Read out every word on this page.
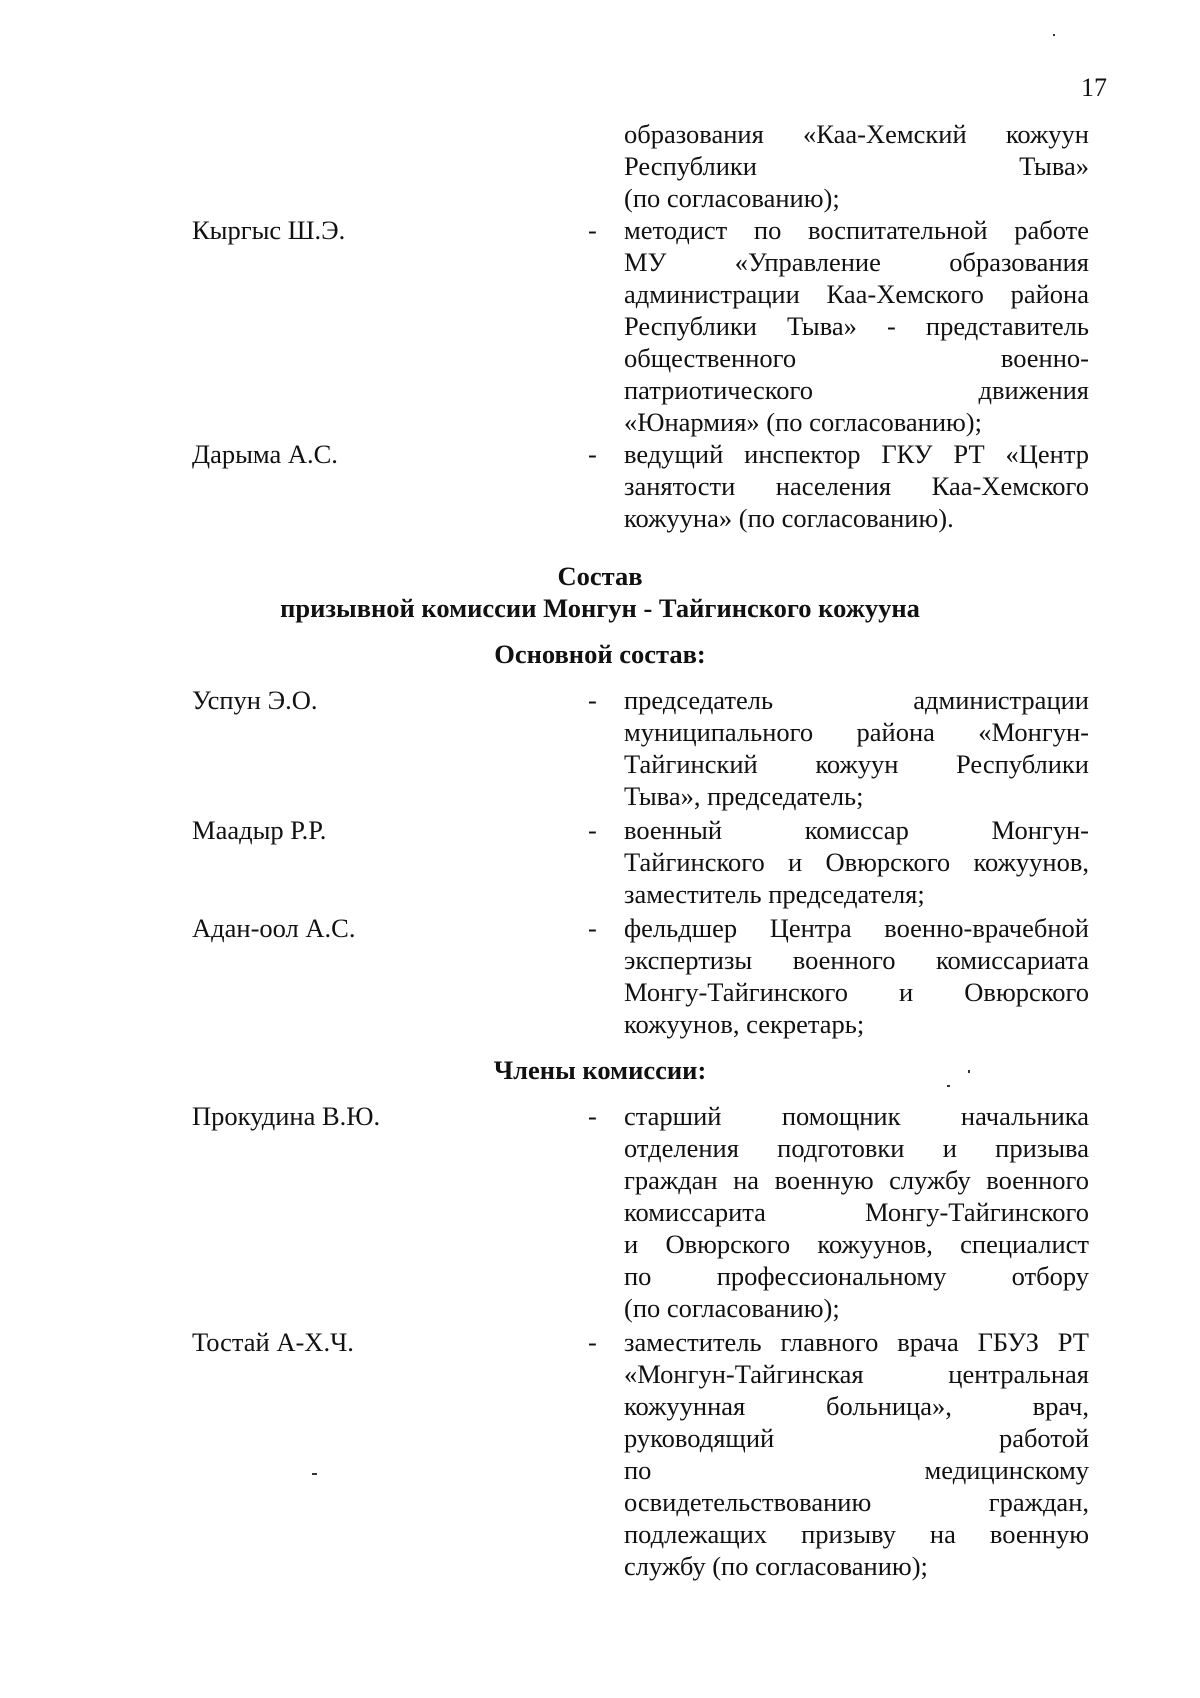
17
образования «Каа-Хемский кожуун
Республики Тыва»
(по согласованию);
Кыргыс Ш.Э.	- методист по воспитательной работе
МУ «Управление образования
администрации Каа-Хемского района
Республики Тыва» - представитель
общественного военно-
патриотического движения
«Юнармия» (по согласованию);
Дарыма А.С.	- ведущий инспектор ГКУ РТ «Центр
занятости населения Каа-Хемского
кожууна» (по согласованию).
Состав
призывной комиссии Монгун - Тайгинского кожууна
Основной состав:
Успун Э.О.	- председатель администрации
муниципального района «Монгун-
Тайгинский кожуун Республики
Тыва», председатель;
Маадыр Р.Р.	- военный комиссар Монгун-
Тайгинского и Овюрского кожуунов,
заместитель председателя;
Адан-оол А.С.	- фельдшер Центра военно-врачебной
экспертизы военного комиссариата
Монгу-Тайгинского и Овюрского
кожуунов, секретарь;
Члены комиссии:
Прокудина В.Ю.	- старший помощник начальника
отделения подготовки и призыва
граждан на военную службу военного
комиссарита Монгу-Тайгинского
и Овюрского кожуунов, специалист
по профессиональному отбору
(по согласованию);
Тостай А-Х.Ч.	- заместитель главного врача ГБУЗ РТ
«Монгун-Тайгинская центральная
кожуунная больница», врач,
руководящий работой
по медицинскому
освидетельствованию граждан,
подлежащих призыву на военную
службу (по согласованию);
